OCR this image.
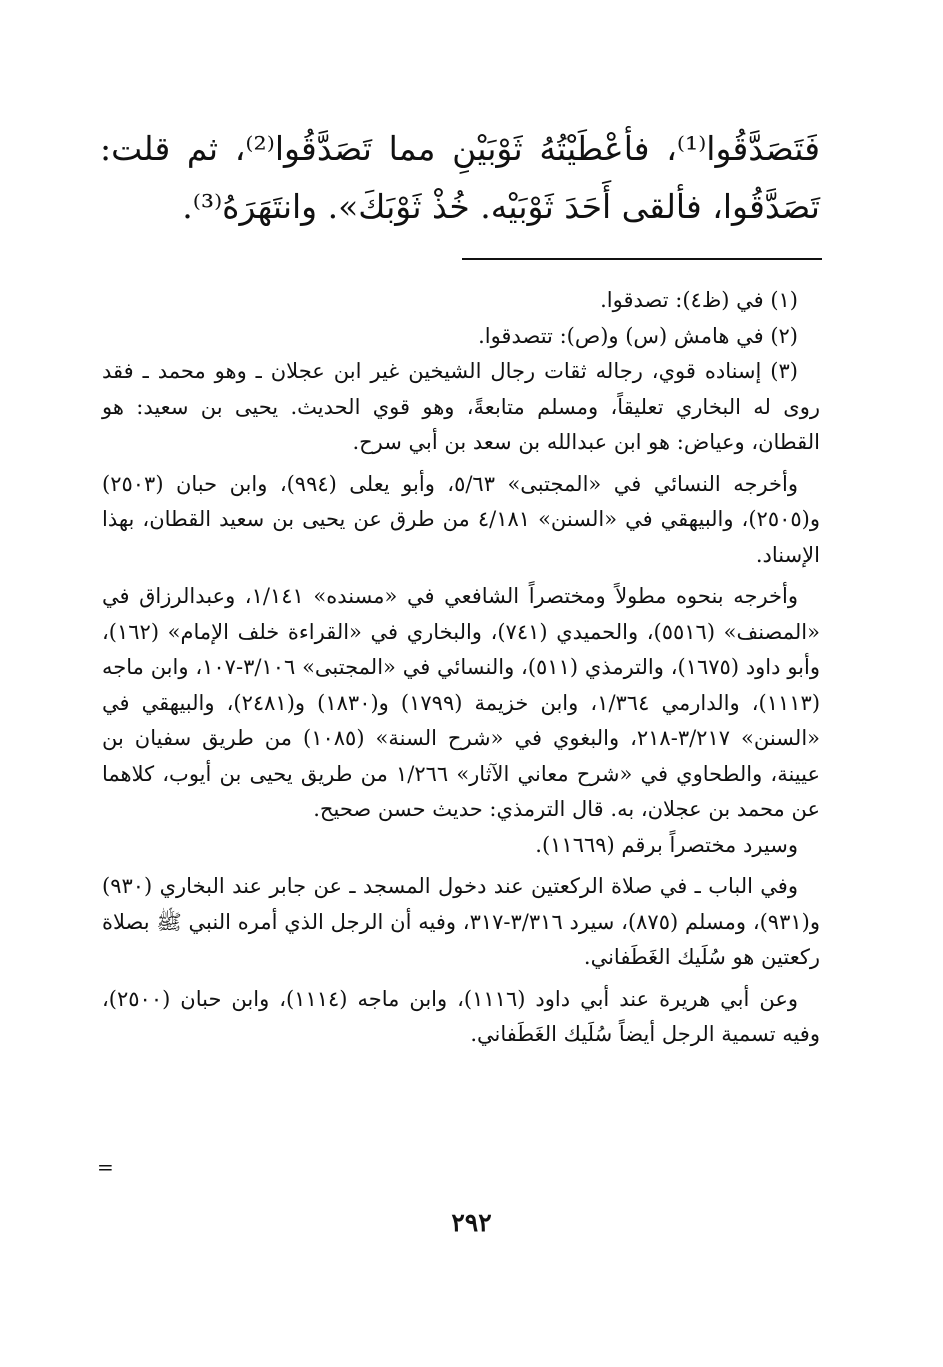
فَتَصَدَّقُوا⁽¹⁾، فأعْطَيْتُهُ ثَوْبَيْنِ مما تَصَدَّقُوا⁽²⁾، ثم قلت: تَصَدَّقُوا، فألقى أَحَدَ ثَوْبَيْه. خُذْ ثَوْبَكَ». وانتَهَرَهُ⁽³⁾.

(١) في (ظ٤): تصدقوا.

(٢) في هامش (س) و(ص): تتصدقوا.

(٣) إسناده قوي، رجاله ثقات رجال الشيخين غير ابن عجلان ـ وهو محمد ـ فقد روى له البخاري تعليقاً، ومسلم متابعةً، وهو قوي الحديث. يحيى بن سعيد: هو القطان، وعياض: هو ابن عبدالله بن سعد بن أبي سرح.

وأخرجه النسائي في «المجتبى» ٥/٦٣، وأبو يعلى (٩٩٤)، وابن حبان (٢٥٠٣) و(٢٥٠٥)، والبيهقي في «السنن» ٤/١٨١ من طرق عن يحيى بن سعيد القطان، بهذا الإسناد.

وأخرجه بنحوه مطولاً ومختصراً الشافعي في «مسنده» ١/١٤١، وعبدالرزاق في «المصنف» (٥٥١٦)، والحميدي (٧٤١)، والبخاري في «القراءة خلف الإمام» (١٦٢)، وأبو داود (١٦٧٥)، والترمذي (٥١١)، والنسائي في «المجتبى» ٣/١٠٦-١٠٧، وابن ماجه (١١١٣)، والدارمي ١/٣٦٤، وابن خزيمة (١٧٩٩) و(١٨٣٠) و(٢٤٨١)، والبيهقي في «السنن» ٣/٢١٧-٢١٨، والبغوي في «شرح السنة» (١٠٨٥) من طريق سفيان بن عيينة، والطحاوي في «شرح معاني الآثار» ١/٢٦٦ من طريق يحيى بن أيوب، كلاهما عن محمد بن عجلان، به. قال الترمذي: حديث حسن صحيح.

وسيرد مختصراً برقم (١١٦٦٩).

وفي الباب ـ في صلاة الركعتين عند دخول المسجد ـ عن جابر عند البخاري (٩٣٠) و(٩٣١)، ومسلم (٨٧٥)، سيرد ٣/٣١٦-٣١٧، وفيه أن الرجل الذي أمره النبي ﷺ بصلاة ركعتين هو سُلَيك الغَطَفاني.

وعن أبي هريرة عند أبي داود (١١١٦)، وابن ماجه (١١١٤)، وابن حبان (٢٥٠٠)، وفيه تسمية الرجل أيضاً سُلَيك الغَطَفاني.

=
٢٩٢
